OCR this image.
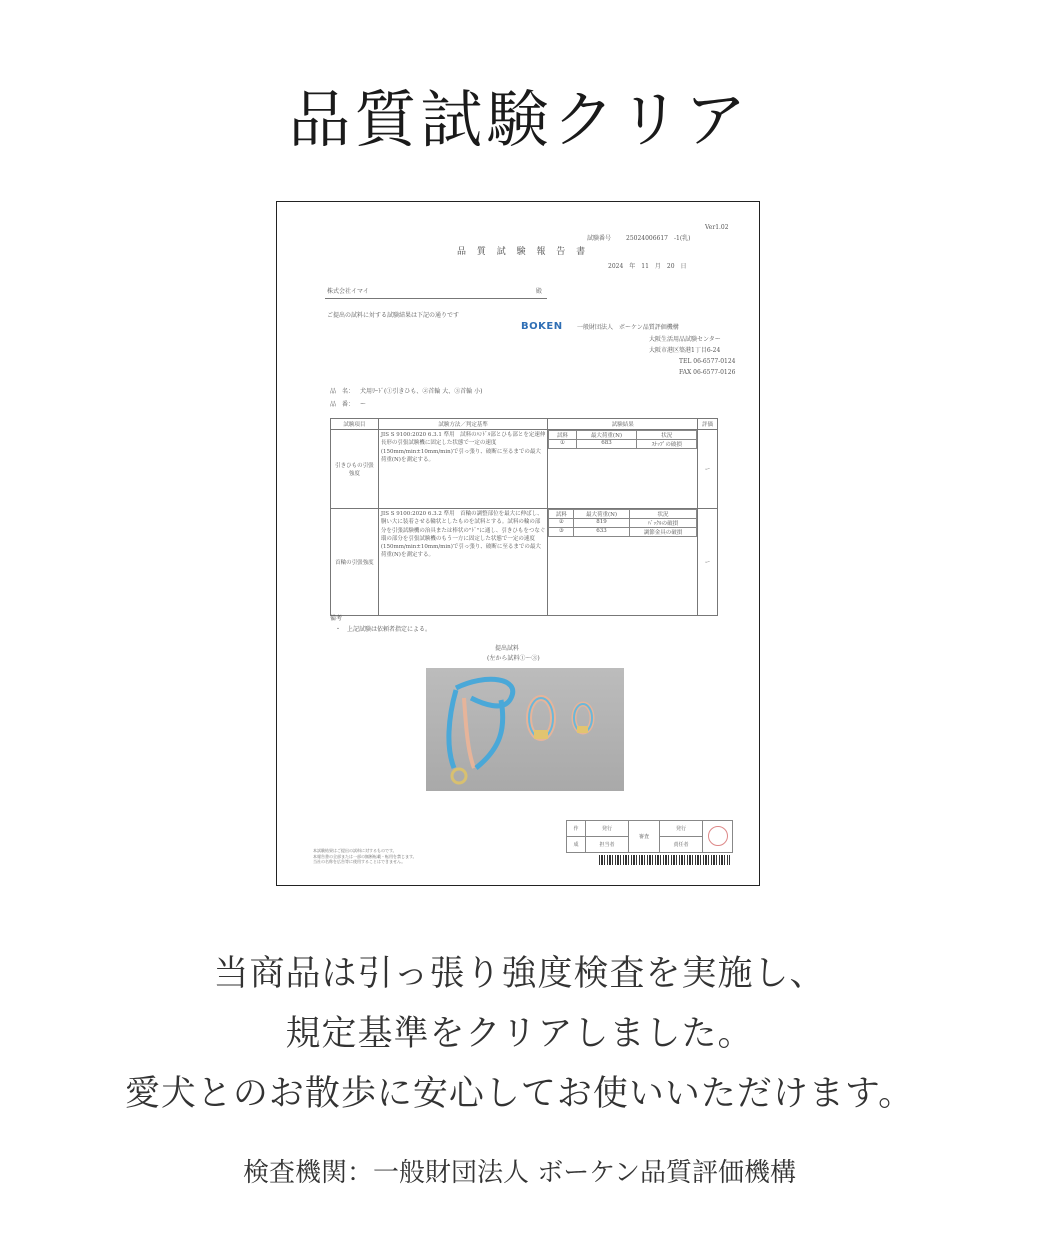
品質試験クリア
Ver1.02
試験番号 25024006617　-1(乳)
品 質 試 験 報 告 書
2024　年　11　月　20　日
株式会社イマイ	殿
ご提出の試料に対する試験結果は下記の通りです
BOKEN 一般財団法人　ボーケン品質評価機構
大阪生活用品試験センター
大阪市港区築港1丁目6-24
TEL 06-6577-0124
FAX 06-6577-0126
品　名： 犬用ﾘｰﾄﾞ(①引きひも、②首輪 大、③首輪 小)
品　番： ー
試験項目	試験方法／判定基準	試験結果	評価
引きひもの引張強度	JIS S 9100:2020 6.3.1 準用　試料のﾊﾝﾄﾞﾙ部とひも部とを定速伸長形の引張試験機に固定した状態で一定の速度(150mm/min±10mm/min)で引っ張り、破断に至るまでの最大荷重(N)を測定する。	
試料	最大荷重(N)	状況
①	683	ｽﾅｯﾌﾟの破損
	ー
首輪の引張強度	JIS S 9100:2020 6.3.2 準用　首輪の調整部位を最大に伸ばし、胴い大に装着させる輪状としたものを試料とする。試料の輪の部分を引張試験機の治具または棒状の"ﾄﾞ"に通し、引きひもをつなぐ環の部分を引張試験機のもう一方に固定した状態で一定の速度(150mm/min±10mm/min)で引っ張り、破断に至るまでの最大荷重(N)を測定する。	
試料	最大荷重(N)	状況
②	819	ﾊﾞｯｸﾙの破損
③	633	調節金具の破損
	ー
備考
・　上記試験は依頼者指定による。
提出試料
(左から試料①～③)
作	発行	審査	発行	
成	担当者		責任者	
本試験結果はご提出の試料に対するものです。
本報告書の全部または一部の無断転載・転用を禁じます。
当社の名称を広告等に使用することはできません。
当商品は引っ張り強度検査を実施し、
規定基準をクリアしました。
愛犬とのお散歩に安心してお使いいただけます。
検査機関：一般財団法人 ボーケン品質評価機構
